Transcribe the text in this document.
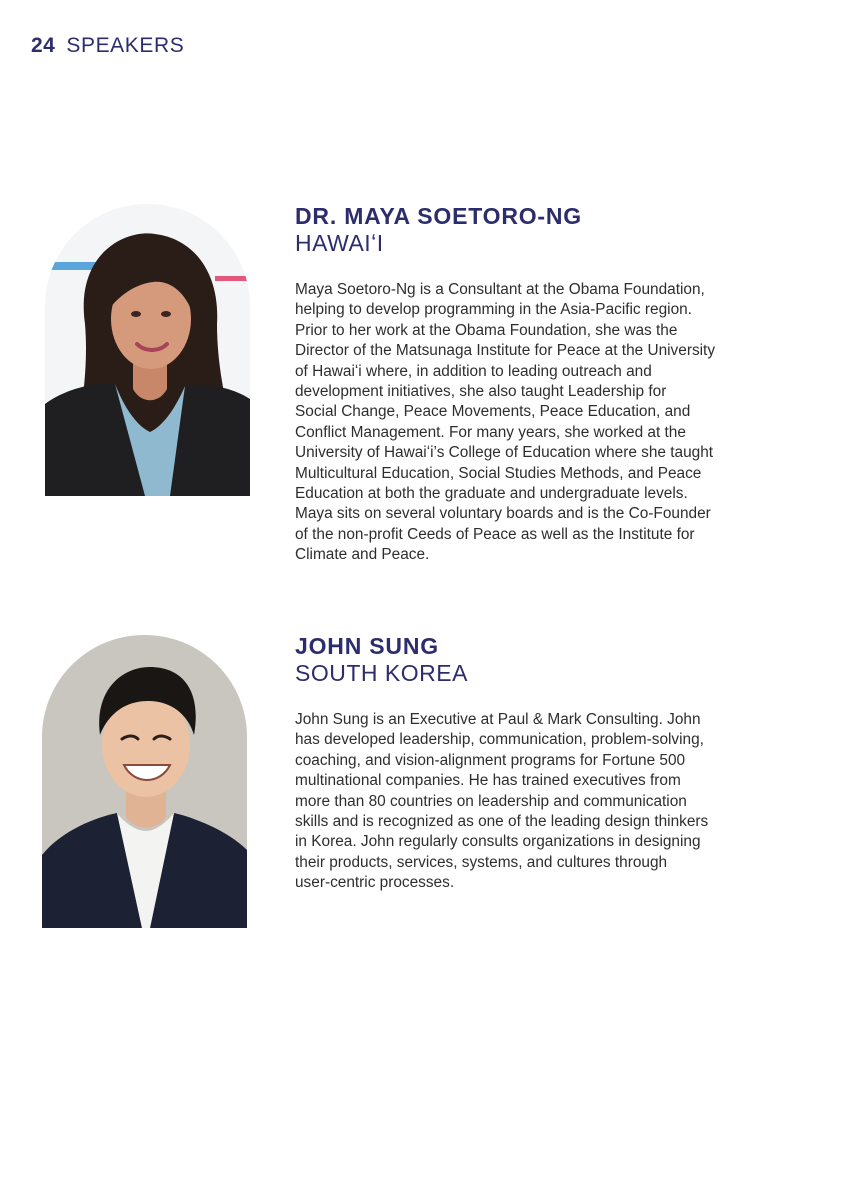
24 SPEAKERS
DR. MAYA SOETORO-NG

HAWAIʻI

Maya Soetoro-Ng is a Consultant at the Obama Foundation,
helping to develop programming in the Asia-Pacific region.
Prior to her work at the Obama Foundation, she was the
Director of the Matsunaga Institute for Peace at the University
of Hawaiʻi where, in addition to leading outreach and
development initiatives, she also taught Leadership for
Social Change, Peace Movements, Peace Education, and
Conflict Management. For many years, she worked at the
University of Hawaiʻi’s College of Education where she taught
Multicultural Education, Social Studies Methods, and Peace
Education at both the graduate and undergraduate levels.
Maya sits on several voluntary boards and is the Co-Founder
of the non-profit Ceeds of Peace as well as the Institute for
Climate and Peace.

JOHN SUNG

SOUTH KOREA

John Sung is an Executive at Paul & Mark Consulting. John
has developed leadership, communication, problem-solving,
coaching, and vision-alignment programs for Fortune 500
multinational companies. He has trained executives from
more than 80 countries on leadership and communication
skills and is recognized as one of the leading design thinkers
in Korea. John regularly consults organizations in designing
their products, services, systems, and cultures through
user-centric processes.
